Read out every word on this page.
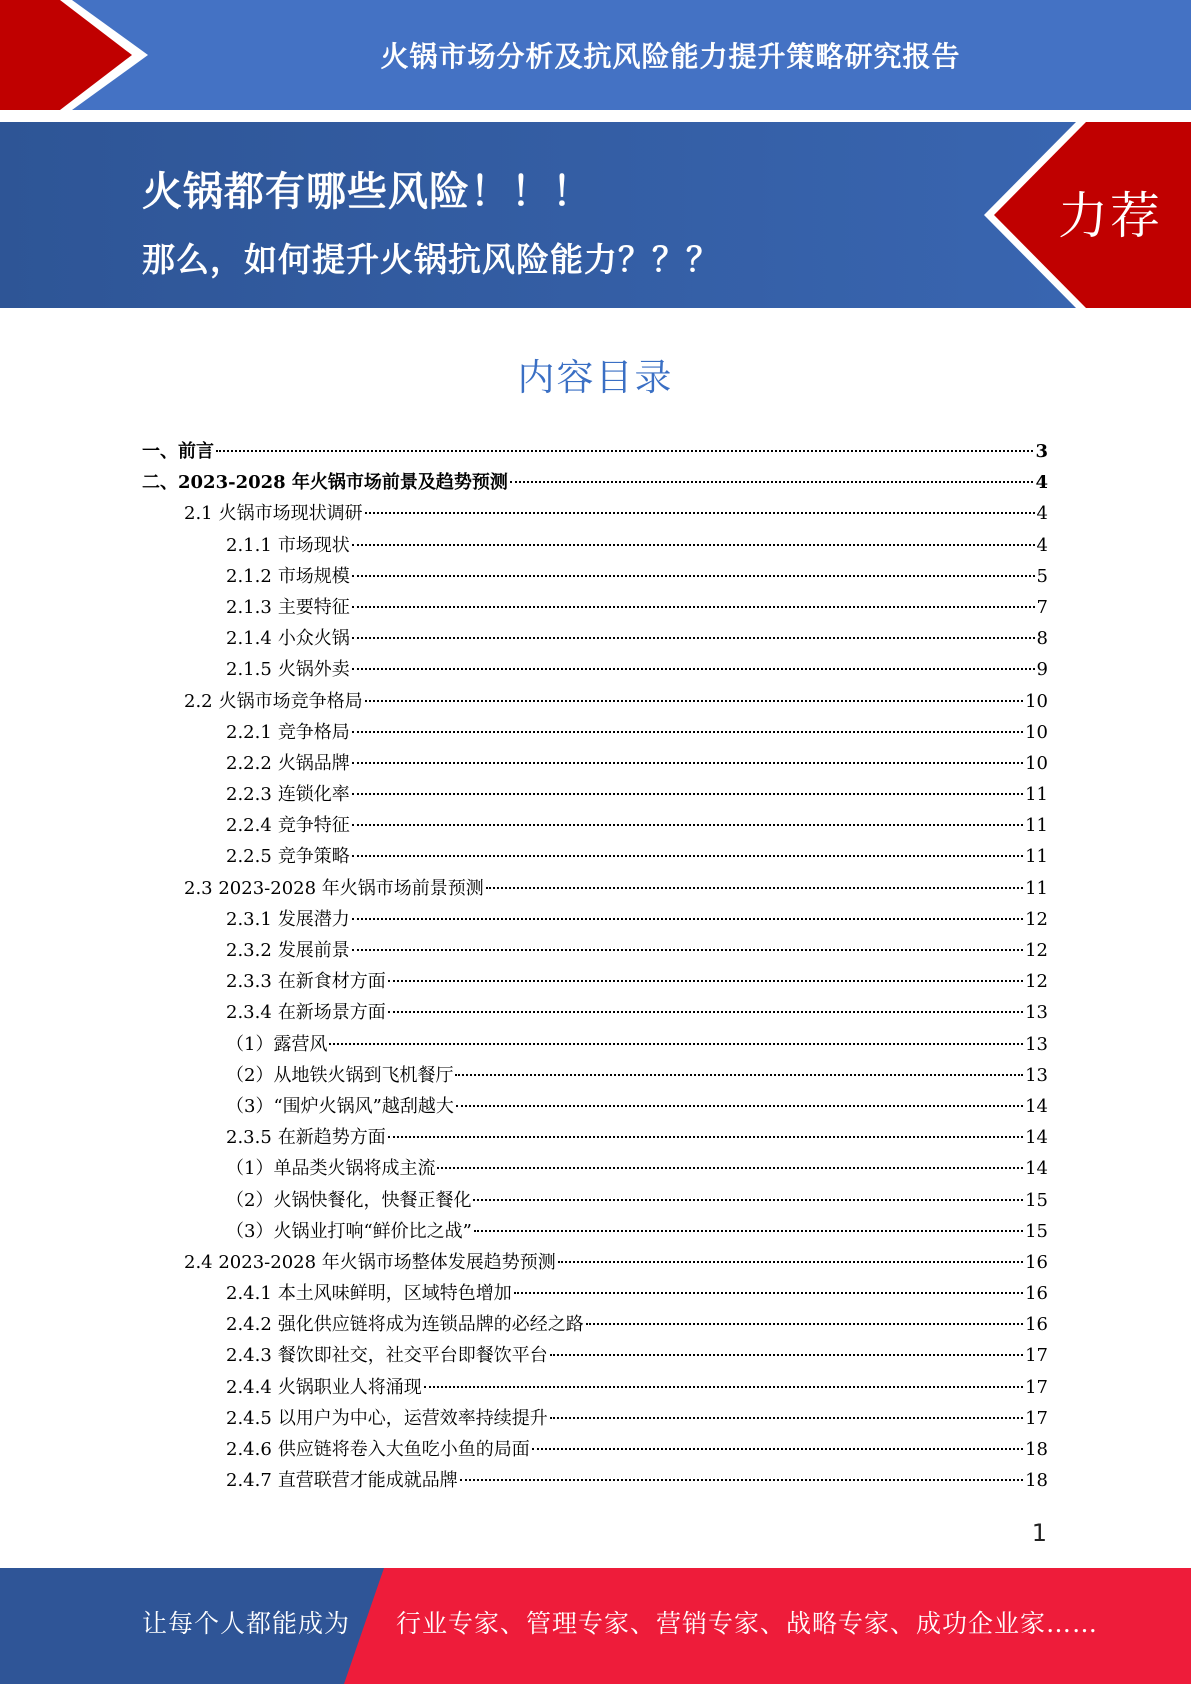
火锅市场分析及抗风险能力提升策略研究报告
火锅都有哪些风险！！！
那么，如何提升火锅抗风险能力？？？
力荐
内容目录
一、前言	3
二、2023-2028 年火锅市场前景及趋势预测	4
2.1 火锅市场现状调研	4
2.1.1 市场现状	4
2.1.2 市场规模	5
2.1.3 主要特征	7
2.1.4 小众火锅	8
2.1.5 火锅外卖	9
2.2 火锅市场竞争格局	10
2.2.1 竞争格局	10
2.2.2 火锅品牌	10
2.2.3 连锁化率	11
2.2.4 竞争特征	11
2.2.5 竞争策略	11
2.3 2023-2028 年火锅市场前景预测	11
2.3.1 发展潜力	12
2.3.2 发展前景	12
2.3.3 在新食材方面	12
2.3.4 在新场景方面	13
（1）露营风	13
（2）从地铁火锅到飞机餐厅	13
（3）“围炉火锅风”越刮越大	14
2.3.5 在新趋势方面	14
（1）单品类火锅将成主流	14
（2）火锅快餐化，快餐正餐化	15
（3）火锅业打响“鲜价比之战”	15
2.4 2023-2028 年火锅市场整体发展趋势预测	16
2.4.1 本土风味鲜明，区域特色增加	16
2.4.2 强化供应链将成为连锁品牌的必经之路	16
2.4.3 餐饮即社交，社交平台即餐饮平台	17
2.4.4 火锅职业人将涌现	17
2.4.5 以用户为中心，运营效率持续提升	17
2.4.6 供应链将卷入大鱼吃小鱼的局面	18
2.4.7 直营联营才能成就品牌	18
1
让每个人都能成为 行业专家、管理专家、营销专家、战略专家、成功企业家……
